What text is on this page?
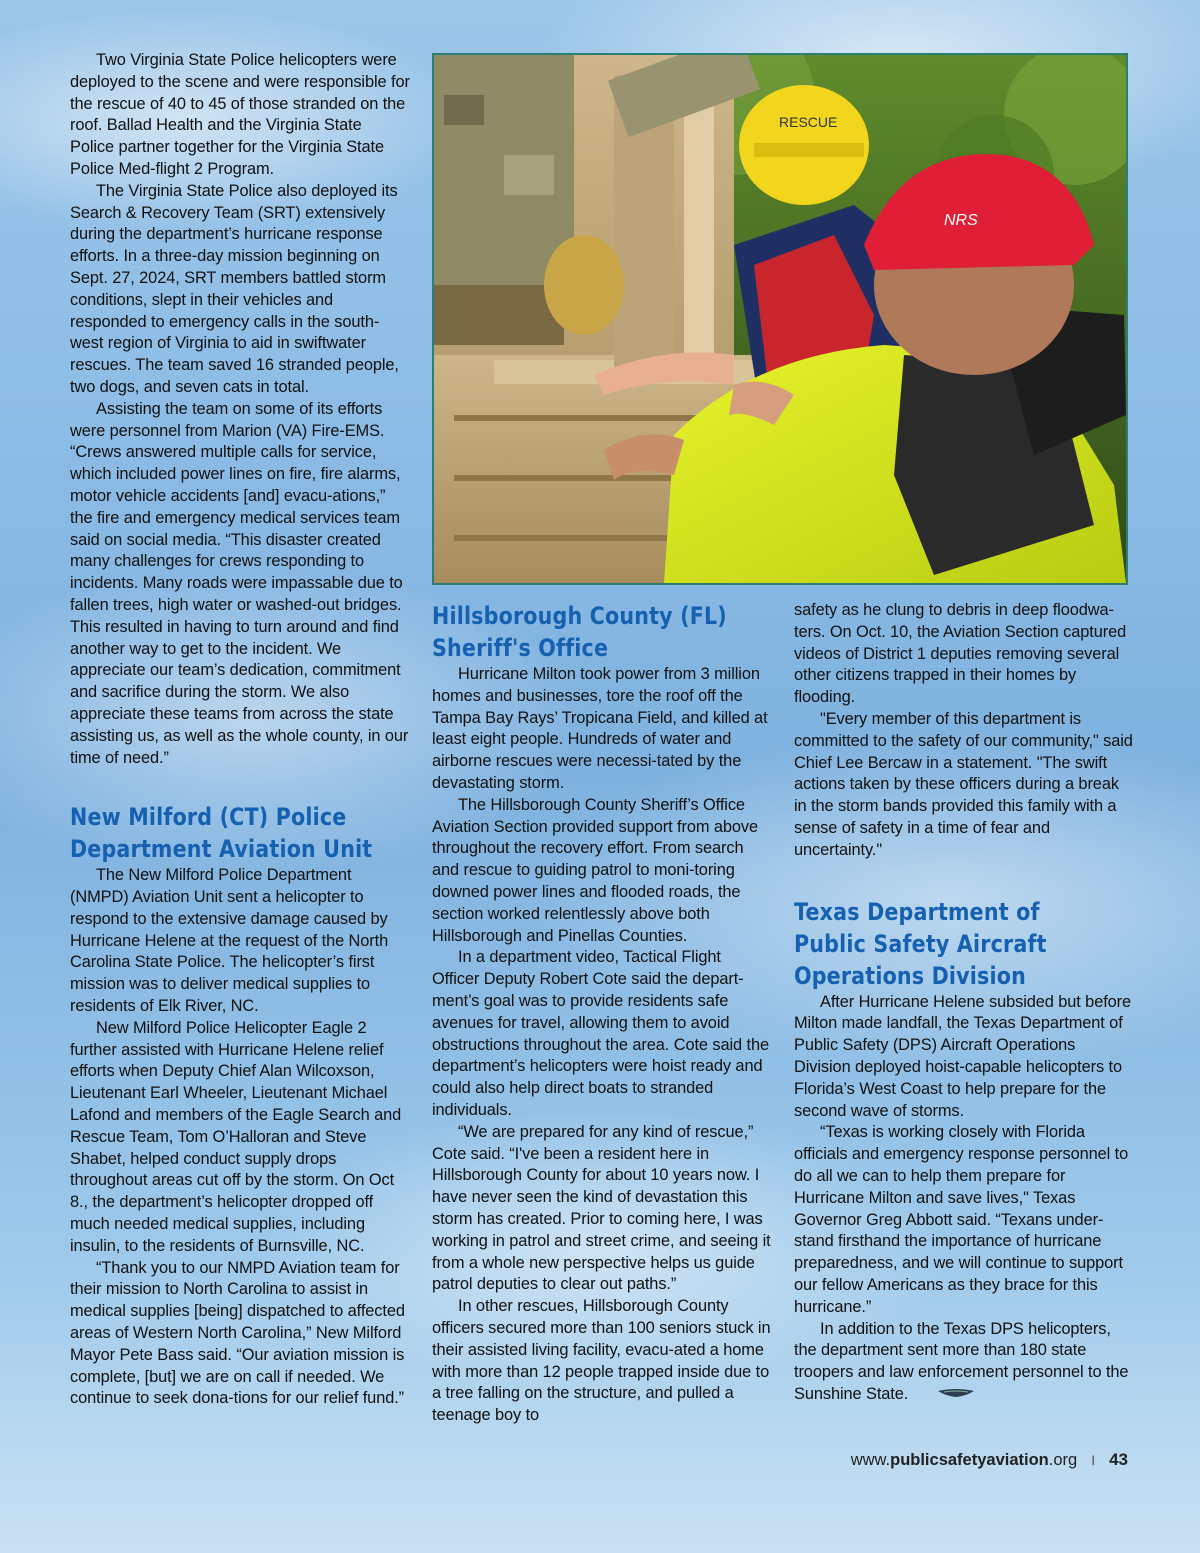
RESCUE
NRS

Two Virginia State Police helicopters were deployed to the scene and were responsible for the rescue of 40 to 45 of those stranded on the roof. Ballad Health and the Virginia State Police partner together for the Virginia State Police Med-flight 2 Program.

The Virginia State Police also deployed its Search & Recovery Team (SRT) extensively during the department’s hurricane response efforts. In a three-day mission beginning on Sept. 27, 2024, SRT members battled storm conditions, slept in their vehicles and responded to emergency calls in the south-west region of Virginia to aid in swiftwater rescues. The team saved 16 stranded people, two dogs, and seven cats in total.

Assisting the team on some of its efforts were personnel from Marion (VA) Fire-EMS. “Crews answered multiple calls for service, which included power lines on fire, fire alarms, motor vehicle accidents [and] evacu-ations,” the fire and emergency medical services team said on social media. “This disaster created many challenges for crews responding to incidents. Many roads were impassable due to fallen trees, high water or washed-out bridges. This resulted in having to turn around and find another way to get to the incident. We appreciate our team’s dedication, commitment and sacrifice during the storm. We also appreciate these teams from across the state assisting us, as well as the whole county, in our time of need.”

New Milford (CT) Police
Department Aviation Unit

The New Milford Police Department (NMPD) Aviation Unit sent a helicopter to respond to the extensive damage caused by Hurricane Helene at the request of the North Carolina State Police. The helicopter’s first mission was to deliver medical supplies to residents of Elk River, NC.

New Milford Police Helicopter Eagle 2 further assisted with Hurricane Helene relief efforts when Deputy Chief Alan Wilcoxson, Lieutenant Earl Wheeler, Lieutenant Michael Lafond and members of the Eagle Search and Rescue Team, Tom O’Halloran and Steve Shabet, helped conduct supply drops throughout areas cut off by the storm. On Oct 8., the department’s helicopter dropped off much needed medical supplies, including insulin, to the residents of Burnsville, NC.

“Thank you to our NMPD Aviation team for their mission to North Carolina to assist in medical supplies [being] dispatched to affected areas of Western North Carolina,” New Milford Mayor Pete Bass said. “Our aviation mission is complete, [but] we are on call if needed. We continue to seek dona-tions for our relief fund.”

Hillsborough County (FL)
Sheriff's Office

Hurricane Milton took power from 3 million homes and businesses, tore the roof off the Tampa Bay Rays’ Tropicana Field, and killed at least eight people. Hundreds of water and airborne rescues were necessi-tated by the devastating storm.

The Hillsborough County Sheriff’s Office Aviation Section provided support from above throughout the recovery effort. From search and rescue to guiding patrol to moni-toring downed power lines and flooded roads, the section worked relentlessly above both Hillsborough and Pinellas Counties.

In a department video, Tactical Flight Officer Deputy Robert Cote said the depart-ment’s goal was to provide residents safe avenues for travel, allowing them to avoid obstructions throughout the area. Cote said the department’s helicopters were hoist ready and could also help direct boats to stranded individuals.

“We are prepared for any kind of rescue,” Cote said. “I've been a resident here in Hillsborough County for about 10 years now. I have never seen the kind of devastation this storm has created. Prior to coming here, I was working in patrol and street crime, and seeing it from a whole new perspective helps us guide patrol deputies to clear out paths.”

In other rescues, Hillsborough County officers secured more than 100 seniors stuck in their assisted living facility, evacu-ated a home with more than 12 people trapped inside due to a tree falling on the structure, and pulled a teenage boy to

safety as he clung to debris in deep floodwa-ters. On Oct. 10, the Aviation Section captured videos of District 1 deputies removing several other citizens trapped in their homes by flooding.

"Every member of this department is committed to the safety of our community," said Chief Lee Bercaw in a statement. "The swift actions taken by these officers during a break in the storm bands provided this family with a sense of safety in a time of fear and uncertainty."

Texas Department of
Public Safety Aircraft
Operations Division

After Hurricane Helene subsided but before Milton made landfall, the Texas Department of Public Safety (DPS) Aircraft Operations Division deployed hoist-capable helicopters to Florida’s West Coast to help prepare for the second wave of storms.

“Texas is working closely with Florida officials and emergency response personnel to do all we can to help them prepare for Hurricane Milton and save lives," Texas Governor Greg Abbott said. “Texans under-stand firsthand the importance of hurricane preparedness, and we will continue to support our fellow Americans as they brace for this hurricane.”

In addition to the Texas DPS helicopters, the department sent more than 180 state troopers and law enforcement personnel to the Sunshine State.

www.publicsafetyaviation.org I 43
